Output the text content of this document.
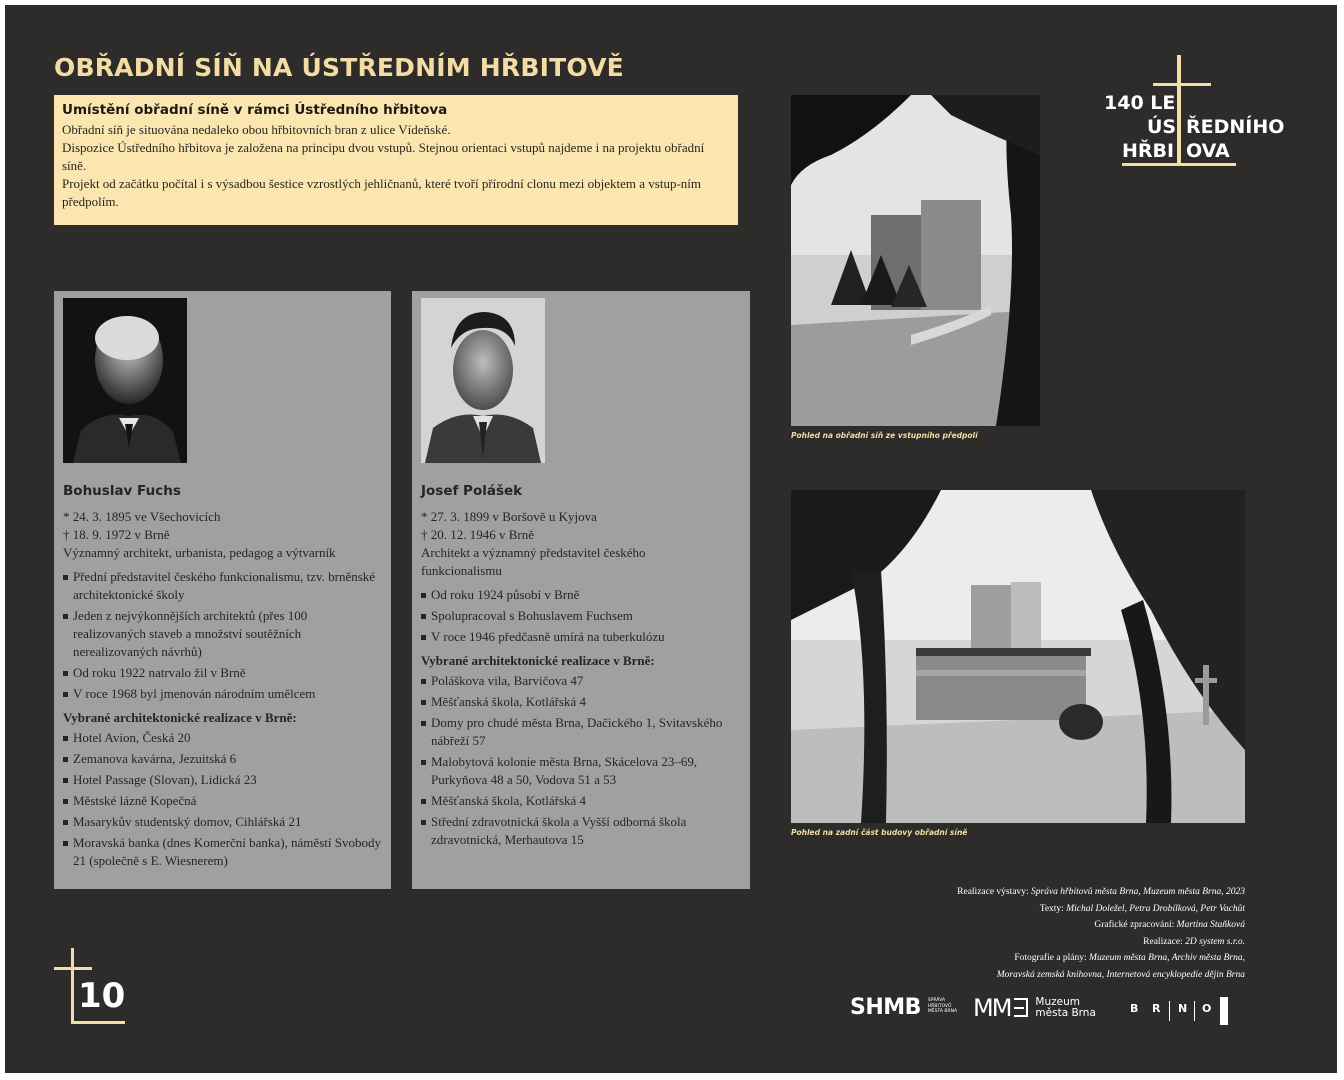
OBŘADNÍ SÍŇ NA ÚSTŘEDNÍM HŘBITOVĚ
Umístění obřadní síně v rámci Ústředního hřbitova

Obřadní síň je situována nedaleko obou hřbitovních bran z ulice Vídeňské.

Dispozice Ústředního hřbitova je založena na principu dvou vstupů. Stejnou orientaci vstupů najdeme i na projektu obřadní síně.

Projekt od začátku počítal i s výsadbou šestice vzrostlých jehličnanů, které tvoří přírodní clonu mezi objektem a vstup-ním předpolím.

140 LE
ÚS ŘEDNÍHO
HŘBI OVA
Bohuslav Fuchs

* 24. 3. 1895 ve Všechovicích

† 18. 9. 1972 v Brně

Významný architekt, urbanista, pedagog a výtvarník

Přední představitel českého funkcionalismu, tzv. brněnské architektonické školy
Jeden z nejvýkonnějších architektů (přes 100 realizovaných staveb a množství soutěžních nerealizovaných návrhů)
Od roku 1922 natrvalo žil v Brně
V roce 1968 byl jmenován národním umělcem
Vybrané architektonické realizace v Brně:
Hotel Avion, Česká 20
Zemanova kavárna, Jezuitská 6
Hotel Passage (Slovan), Lidická 23
Městské lázně Kopečná
Masarykův studentský domov, Cihlářská 21
Moravská banka (dnes Komerční banka), náměstí Svobody 21 (společně s E. Wiesnerem)
Josef Polášek

* 27. 3. 1899 v Boršově u Kyjova

† 20. 12. 1946 v Brně

Architekt a významný představitel českého funkcionalismu

Od roku 1924 působí v Brně
Spolupracoval s Bohuslavem Fuchsem
V roce 1946 předčasně umírá na tuberkulózu
Vybrané architektonické realizace v Brně:
Poláškova vila, Barvičova 47
Měšťanská škola, Kotlářská 4
Domy pro chudé města Brna, Dačického 1, Svitavského nábřeží 57
Malobytová kolonie města Brna, Skácelova 23–69, Purkyňova 48 a 50, Vodova 51 a 53
Měšťanská škola, Kotlářská 4
Střední zdravotnická škola a Vyšší odborná škola zdravotnická, Merhautova 15
Pohled na obřadní síň ze vstupního předpolí
Pohled na zadní část budovy obřadní síně

Realizace výstavy: Správa hřbitovů města Brna, Muzeum města Brna, 2023

Texty: Michal Doležel, Petra Drobílková, Petr Vachůt

Grafické zpracování: Martina Staňková

Realizace: 2D system s.r.o.

Fotografie a plány: Muzeum města Brna, Archiv města Brna,

Moravská zemská knihovna, Internetová encyklopedie dějin Brna

10	SHMB SPRÁVA
HŘBITOVŮ
MĚSTA BRNA MM
Muzeum
města Brna	B R N O
